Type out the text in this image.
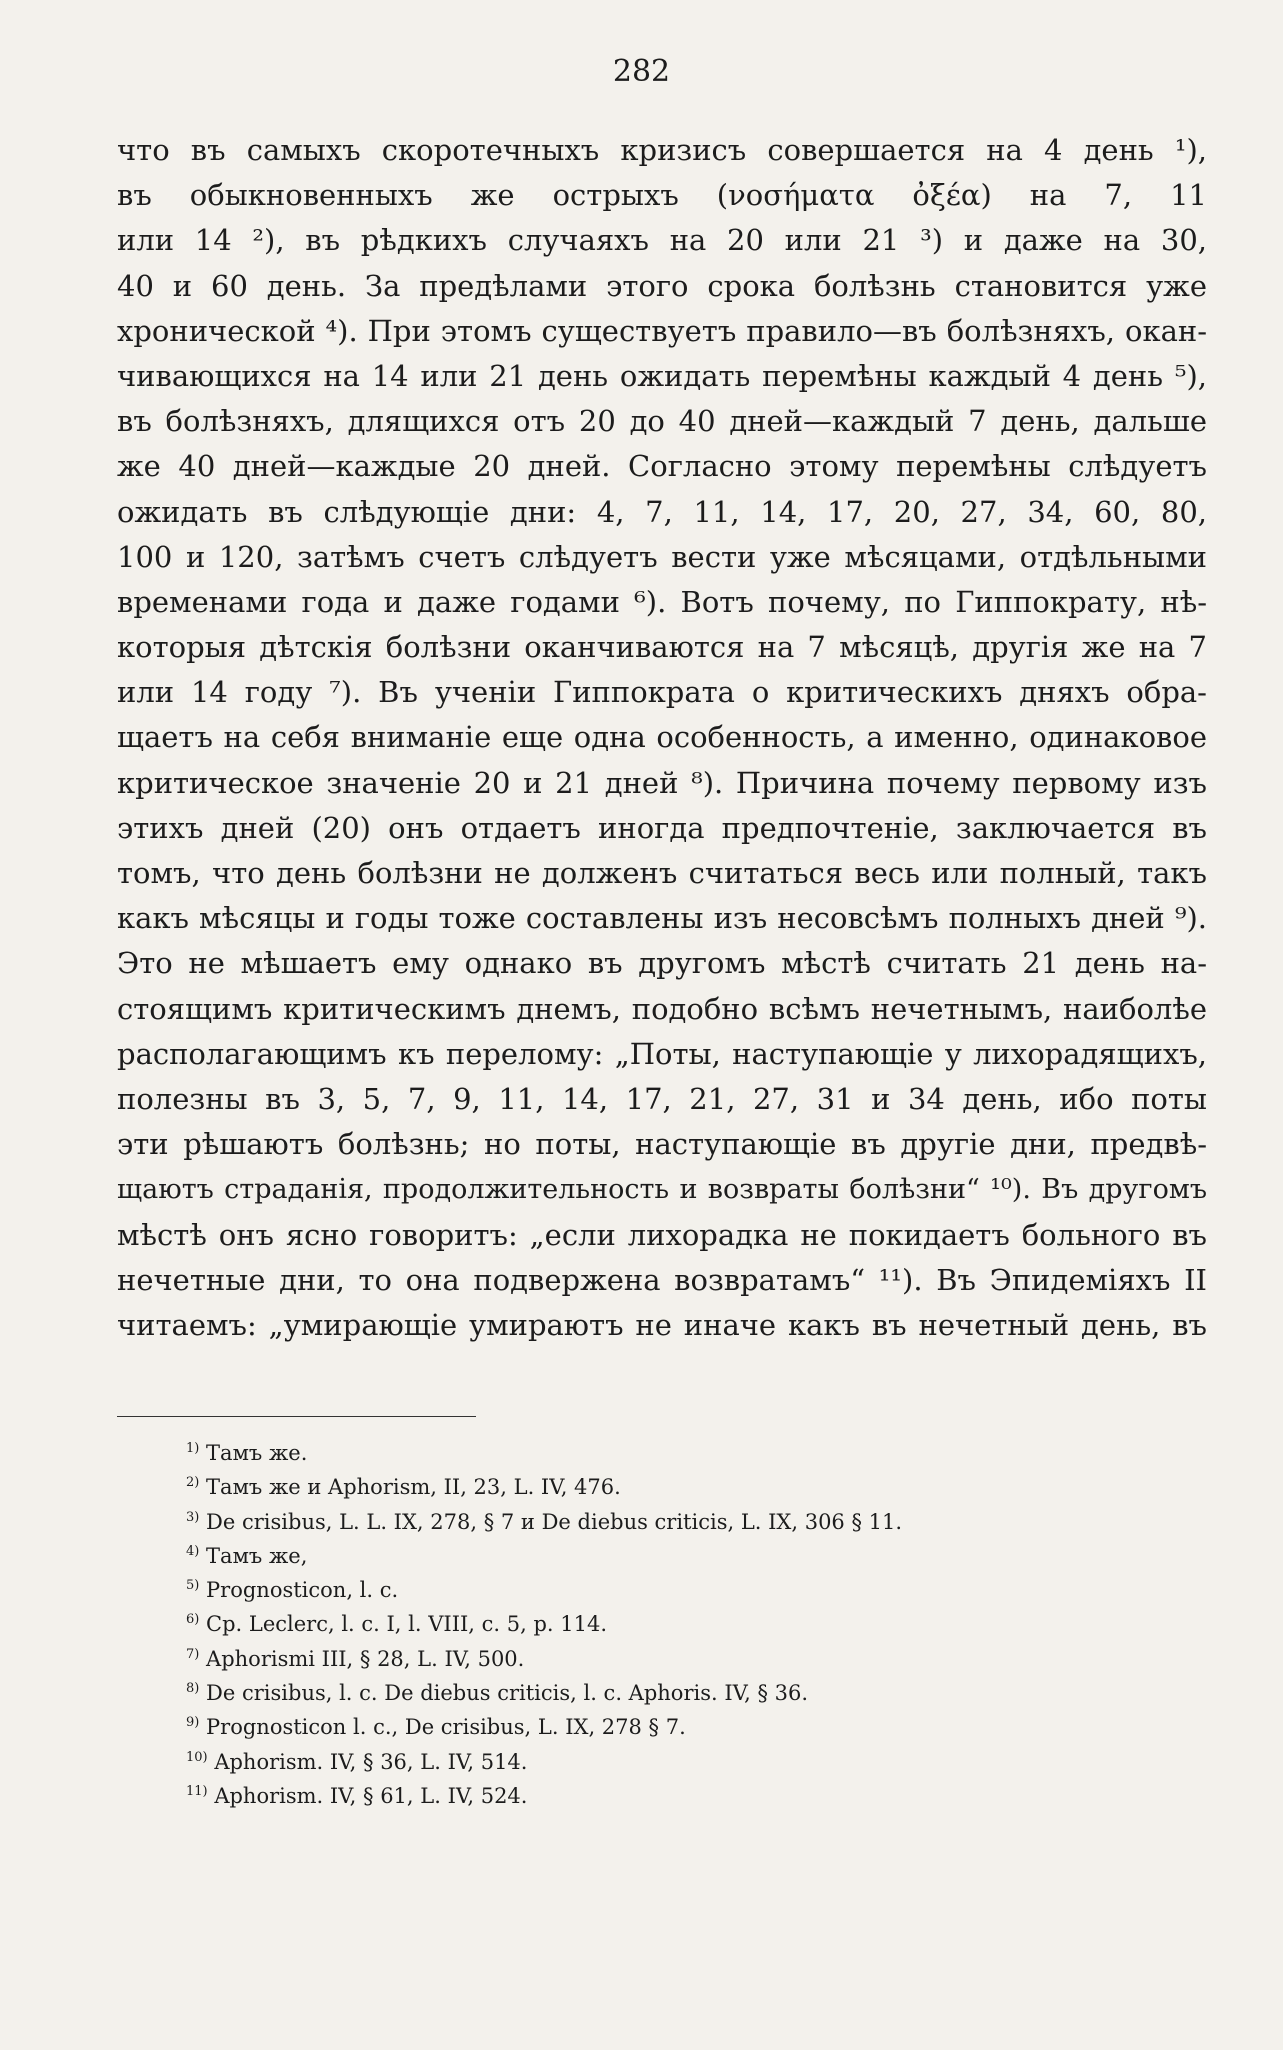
282
что въ самыхъ скоротечныхъ кризисъ совершается на 4 день ¹),
въ обыкновенныхъ же острыхъ (νοσήματα ὀξέα) на 7, 11
или 14 ²), въ рѣдкихъ случаяхъ на 20 или 21 ³) и даже на 30,
40 и 60 день. За предѣлами этого срока болѣзнь становится уже
хронической ⁴). При этомъ существуетъ правило—въ болѣзняхъ, окан-
чивающихся на 14 или 21 день ожидать перемѣны каждый 4 день ⁵),
въ болѣзняхъ, длящихся отъ 20 до 40 дней—каждый 7 день, дальше
же 40 дней—каждые 20 дней. Согласно этому перемѣны слѣдуетъ
ожидать въ слѣдующіе дни: 4, 7, 11, 14, 17, 20, 27, 34, 60, 80,
100 и 120, затѣмъ счетъ слѣдуетъ вести уже мѣсяцами, отдѣльными
временами года и даже годами ⁶). Вотъ почему, по Гиппократу, нѣ-
которыя дѣтскія болѣзни оканчиваются на 7 мѣсяцѣ, другія же на 7
или 14 году ⁷). Въ ученіи Гиппократа о критическихъ дняхъ обра-
щаетъ на себя вниманіе еще одна особенность, а именно, одинаковое
критическое значеніе 20 и 21 дней ⁸). Причина почему первому изъ
этихъ дней (20) онъ отдаетъ иногда предпочтеніе, заключается въ
томъ, что день болѣзни не долженъ считаться весь или полный, такъ
какъ мѣсяцы и годы тоже составлены изъ несовсѣмъ полныхъ дней ⁹).
Это не мѣшаетъ ему однако въ другомъ мѣстѣ считать 21 день на-
стоящимъ критическимъ днемъ, подобно всѣмъ нечетнымъ, наиболѣе
располагающимъ къ перелому: „Поты, наступающіе у лихорадящихъ,
полезны въ 3, 5, 7, 9, 11, 14, 17, 21, 27, 31 и 34 день, ибо поты
эти рѣшаютъ болѣзнь; но поты, наступающіе въ другіе дни, предвѣ-
щаютъ страданія, продолжительность и возвраты болѣзни“ ¹⁰). Въ другомъ
мѣстѣ онъ ясно говоритъ: „если лихорадка не покидаетъ больного въ
нечетные дни, то она подвержена возвратамъ“ ¹¹). Въ Эпидеміяхъ II
читаемъ: „умирающіе умираютъ не иначе какъ въ нечетный день, въ
$^{1)}$ Тамъ же.
$^{2)}$ Тамъ же и Aphorism, II, 23, L. IV, 476.
$^{3)}$ De crisibus, L. L. IX, 278, § 7 и De diebus criticis, L. IX, 306 § 11.
$^{4)}$ Тамъ же,
$^{5)}$ Prognosticon, l. c.
$^{6)}$ Ср. Leclerc, l. c. I, l. VIII, c. 5, p. 114.
$^{7)}$ Aphorismi III, § 28, L. IV, 500.
$^{8)}$ De crisibus, l. c. De diebus criticis, l. c. Aphoris. IV, § 36.
$^{9)}$ Prognosticon l. c., De crisibus, L. IX, 278 § 7.
$^{10)}$ Aphorism. IV, § 36, L. IV, 514.
$^{11)}$ Aphorism. IV, § 61, L. IV, 524.
